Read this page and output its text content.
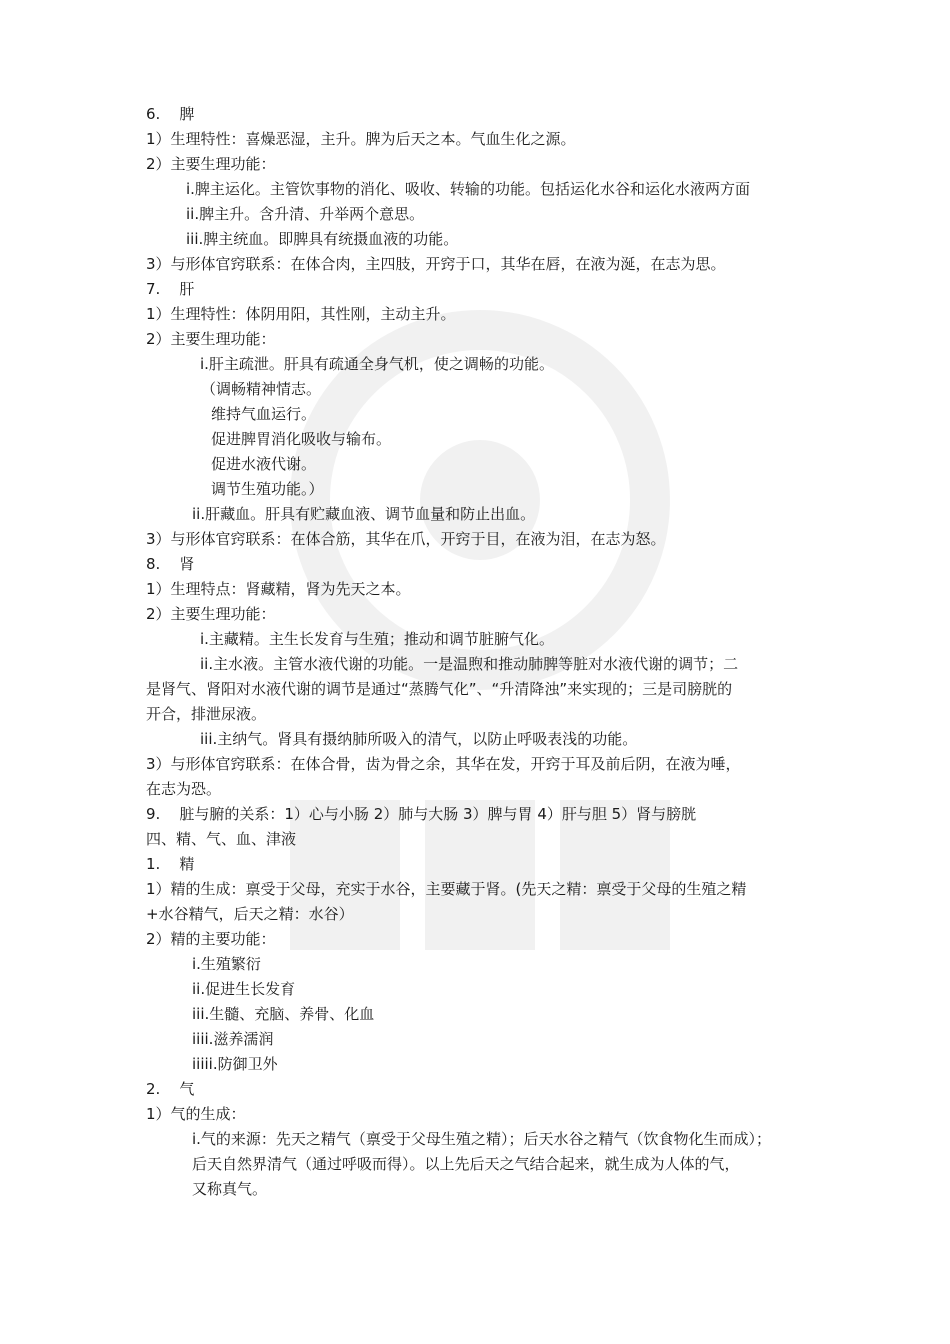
6.    脾
1）生理特性：喜燥恶湿，主升。脾为后天之本。气血生化之源。
2）主要生理功能：
i.脾主运化。主管饮事物的消化、吸收、转输的功能。包括运化水谷和运化水液两方面
ii.脾主升。含升清、升举两个意思。
iii.脾主统血。即脾具有统摄血液的功能。
3）与形体官窍联系：在体合肉，主四肢，开窍于口，其华在唇，在液为涎，在志为思。
7.    肝
1）生理特性：体阴用阳，其性刚，主动主升。
2）主要生理功能：
i.肝主疏泄。肝具有疏通全身气机，使之调畅的功能。
（调畅精神情志。
维持气血运行。
促进脾胃消化吸收与输布。
促进水液代谢。
调节生殖功能。）
ii.肝藏血。肝具有贮藏血液、调节血量和防止出血。
3）与形体官窍联系：在体合筋，其华在爪，开窍于目，在液为泪，在志为怒。
8.    肾
1）生理特点：肾藏精，肾为先天之本。
2）主要生理功能：
i.主藏精。主生长发育与生殖；推动和调节脏腑气化。
ii.主水液。主管水液代谢的功能。一是温煦和推动肺脾等脏对水液代谢的调节；二
是肾气、肾阳对水液代谢的调节是通过“蒸腾气化”、“升清降浊”来实现的；三是司膀胱的
开合，排泄尿液。
iii.主纳气。肾具有摄纳肺所吸入的清气，以防止呼吸表浅的功能。
3）与形体官窍联系：在体合骨，齿为骨之余，其华在发，开窍于耳及前后阴，在液为唾，
在志为恐。
9.    脏与腑的关系：1）心与小肠 2）肺与大肠 3）脾与胃 4）肝与胆 5）肾与膀胱
四、精、气、血、津液
1.    精
1）精的生成：禀受于父母，充实于水谷，主要藏于肾。(先天之精：禀受于父母的生殖之精
+水谷精气，后天之精：水谷）
2）精的主要功能：
i.生殖繁衍
ii.促进生长发育
iii.生髓、充脑、养骨、化血
iiii.滋养濡润
iiiii.防御卫外
2.    气
1）气的生成：
i.气的来源：先天之精气（禀受于父母生殖之精）；后天水谷之精气（饮食物化生而成）；
后天自然界清气（通过呼吸而得）。以上先后天之气结合起来，就生成为人体的气，
又称真气。
